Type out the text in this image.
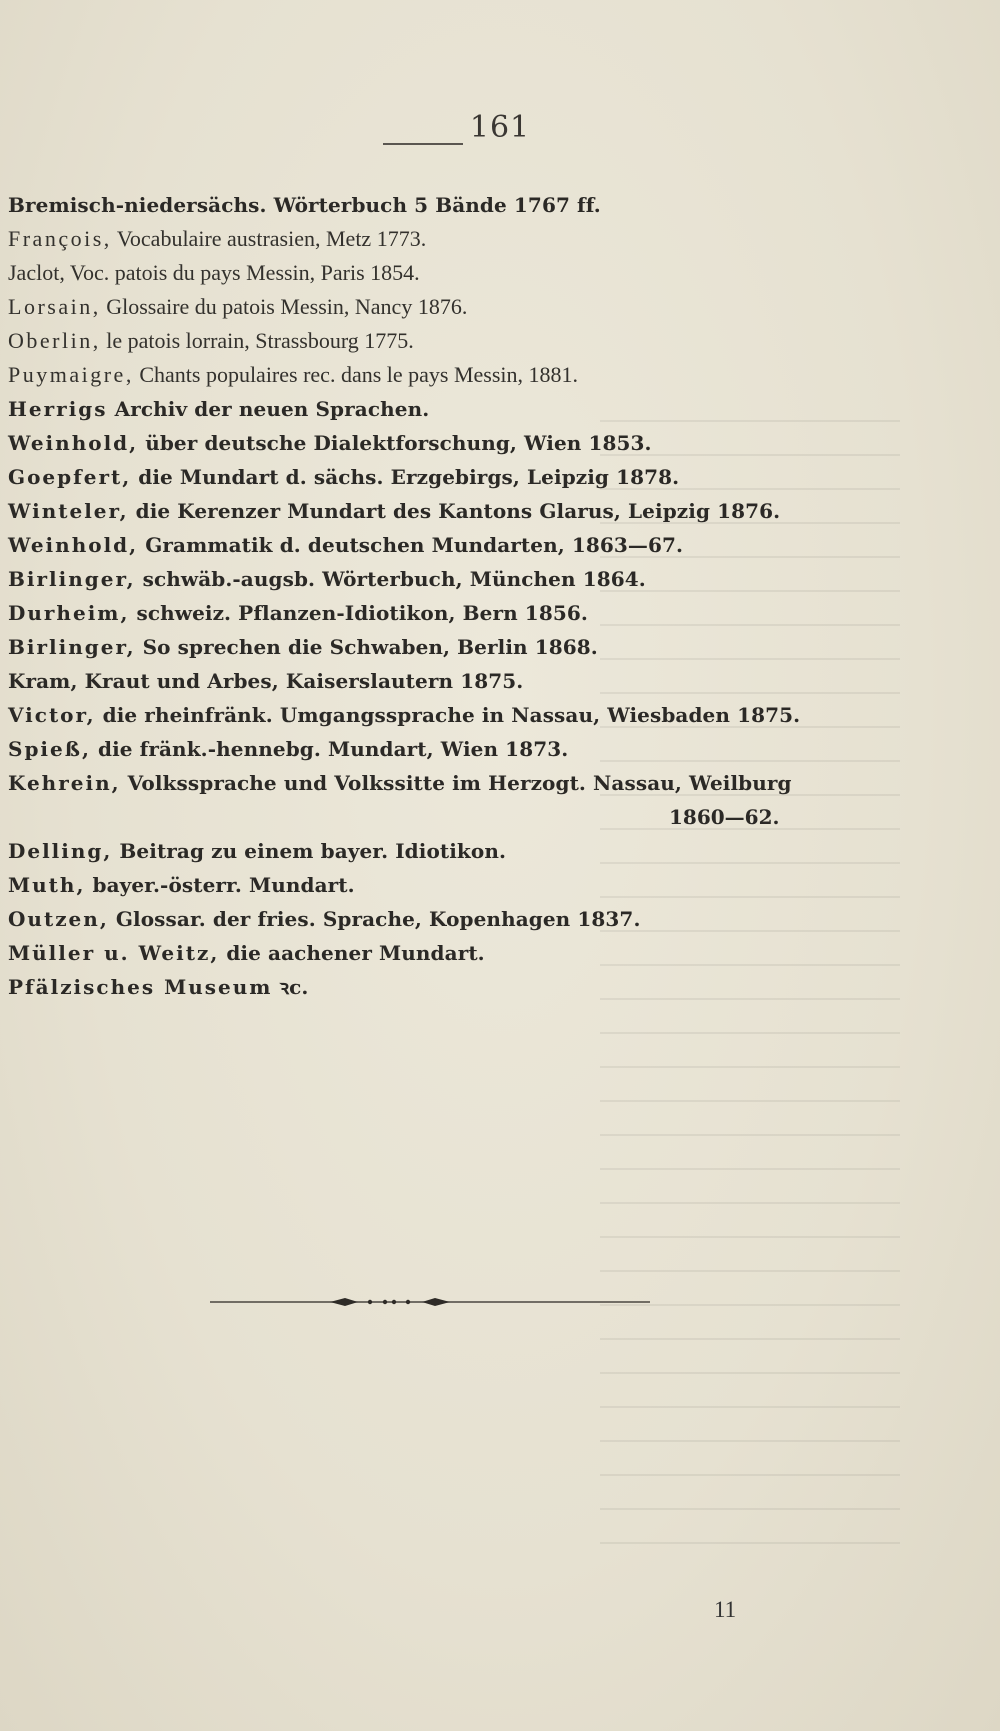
161
Bremisch-niedersächs. Wörterbuch 5 Bände 1767 ff.
François, Vocabulaire austrasien, Metz 1773.
Jaclot, Voc. patois du pays Messin, Paris 1854.
Lorsain, Glossaire du patois Messin, Nancy 1876.
Oberlin, le patois lorrain, Strassbourg 1775.
Puymaigre, Chants populaires rec. dans le pays Messin, 1881.
Herrigs Archiv der neuen Sprachen.
Weinhold, über deutsche Dialektforschung, Wien 1853.
Goepfert, die Mundart d. sächs. Erzgebirgs, Leipzig 1878.
Winteler, die Kerenzer Mundart des Kantons Glarus, Leipzig 1876.
Weinhold, Grammatik d. deutschen Mundarten, 1863—67.
Birlinger, schwäb.-augsb. Wörterbuch, München 1864.
Durheim, schweiz. Pflanzen-Idiotikon, Bern 1856.
Birlinger, So sprechen die Schwaben, Berlin 1868.
Kram, Kraut und Arbes, Kaiserslautern 1875.
Victor, die rheinfränk. Umgangssprache in Nassau, Wiesbaden 1875.
Spieß, die fränk.-hennebg. Mundart, Wien 1873.
Kehrein, Volkssprache und Volkssitte im Herzogt. Nassau, Weilburg
1860—62.
Delling, Beitrag zu einem bayer. Idiotikon.
Muth, bayer.-österr. Mundart.
Outzen, Glossar. der fries. Sprache, Kopenhagen 1837.
Müller u. Weitz, die aachener Mundart.
Pfälzisches Museum ꝛc.
11
